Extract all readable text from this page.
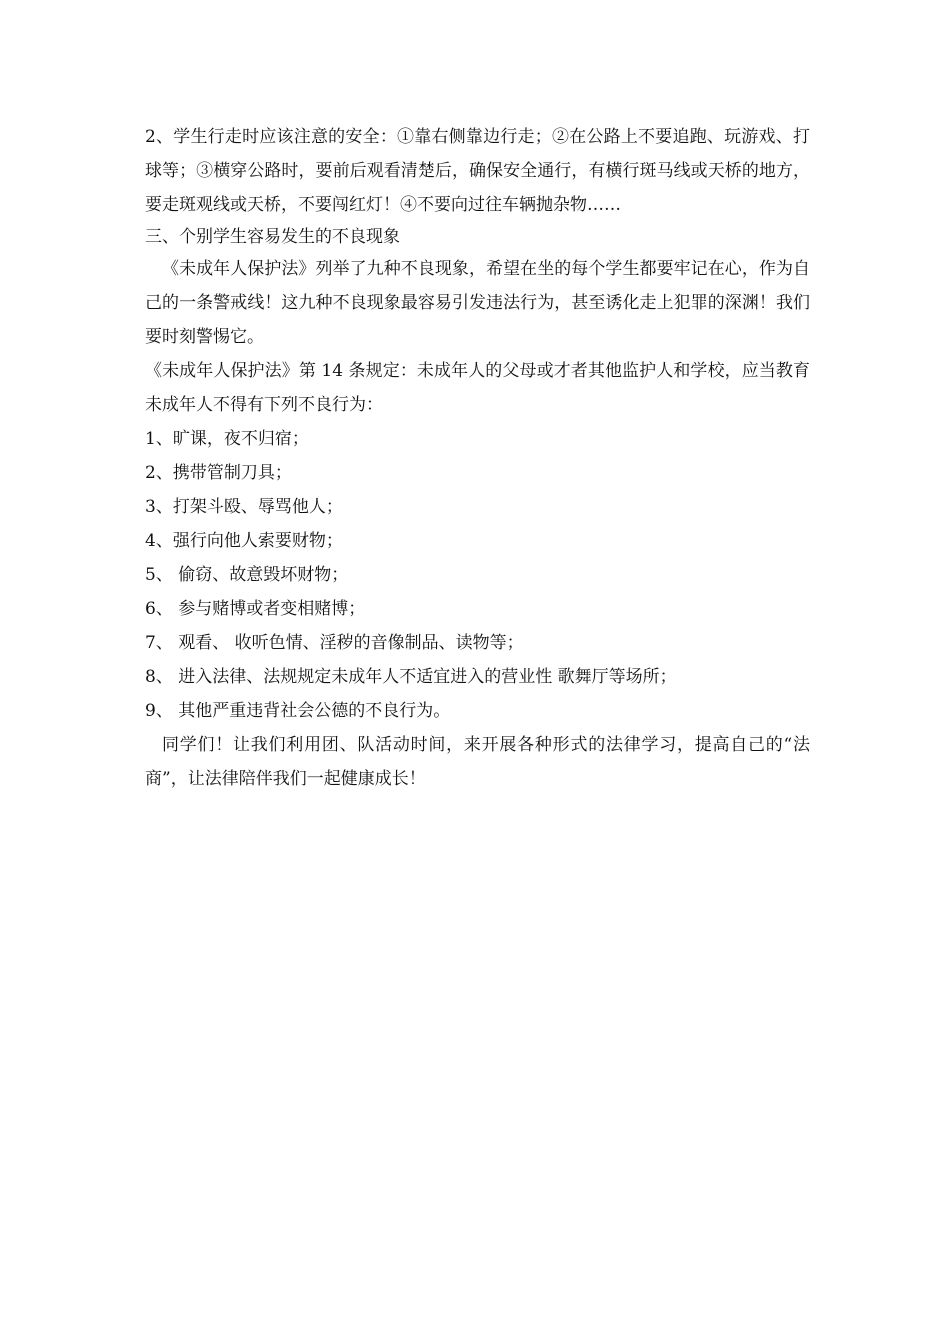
2、学生行走时应该注意的安全：①靠右侧靠边行走；②在公路上不要追跑、玩游戏、打球等；③横穿公路时，要前后观看清楚后，确保安全通行，有横行斑马线或天桥的地方，要走斑观线或天桥，不要闯红灯！④不要向过往车辆抛杂物……

三、个别学生容易发生的不良现象

《未成年人保护法》列举了九种不良现象，希望在坐的每个学生都要牢记在心，作为自己的一条警戒线！这九种不良现象最容易引发违法行为，甚至诱化走上犯罪的深渊！我们要时刻警惕它。

《未成年人保护法》第 14 条规定：未成年人的父母或才者其他监护人和学校，应当教育未成年人不得有下列不良行为：

1、旷课，夜不归宿；

2、携带管制刀具；

3、打架斗殴、辱骂他人；

4、强行向他人索要财物；

5、 偷窃、故意毁坏财物；

6、 参与赌博或者变相赌博；

7、 观看、 收听色情、淫秽的音像制品、读物等；

8、 进入法律、法规规定未成年人不适宜进入的营业性 歌舞厅等场所；

9、 其他严重违背社会公德的不良行为。

同学们！让我们利用团、队活动时间，来开展各种形式的法律学习，提高自己的“法商”，让法律陪伴我们一起健康成长！
